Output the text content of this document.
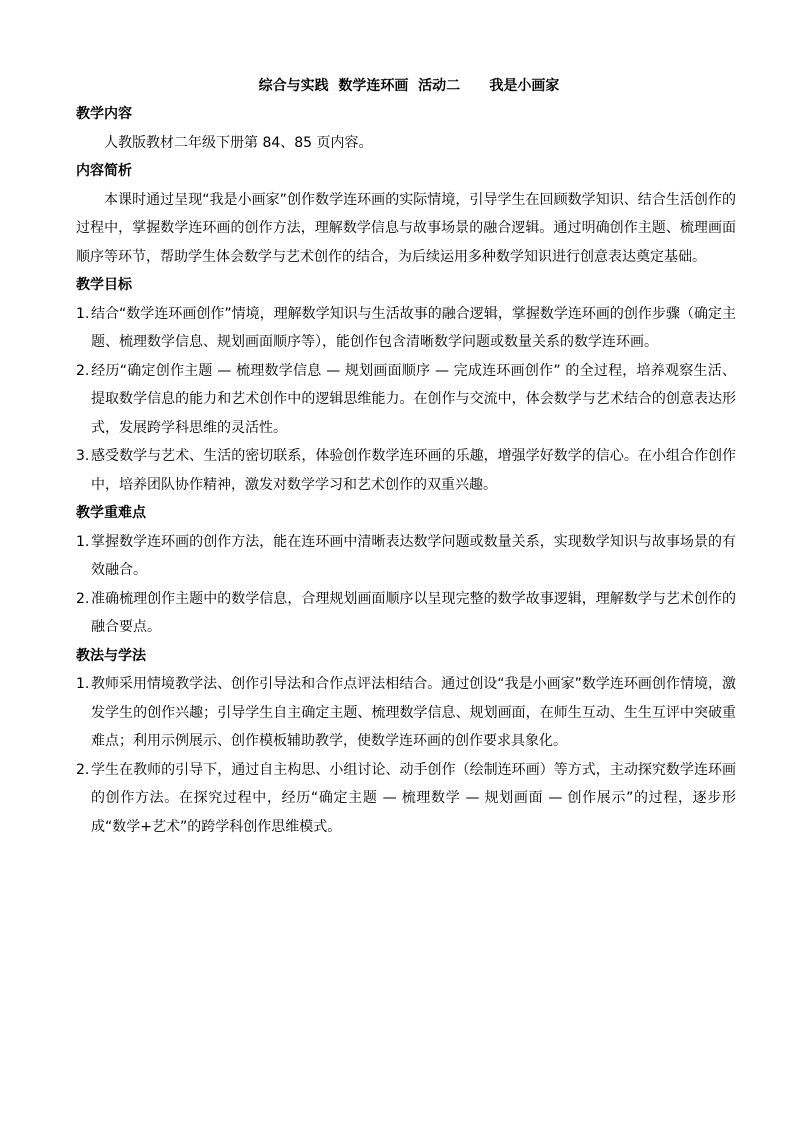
综合与实践  数学连环画  活动二      我是小画家
教学内容

人教版教材二年级下册第 84、85 页内容。

内容简析

本课时通过呈现“我是小画家”创作数学连环画的实际情境，引导学生在回顾数学知识、结合生活创作的过程中，掌握数学连环画的创作方法，理解数学信息与故事场景的融合逻辑。通过明确创作主题、梳理画面顺序等环节，帮助学生体会数学与艺术创作的结合，为后续运用多种数学知识进行创意表达奠定基础。

教学目标

1. 结合“数学连环画创作”情境，理解数学知识与生活故事的融合逻辑，掌握数学连环画的创作步骤（确定主题、梳理数学信息、规划画面顺序等），能创作包含清晰数学问题或数量关系的数学连环画。

2. 经历“确定创作主题 — 梳理数学信息 — 规划画面顺序 — 完成连环画创作” 的全过程，培养观察生活、提取数学信息的能力和艺术创作中的逻辑思维能力。在创作与交流中，体会数学与艺术结合的创意表达形式，发展跨学科思维的灵活性。

3. 感受数学与艺术、生活的密切联系，体验创作数学连环画的乐趣，增强学好数学的信心。在小组合作创作中，培养团队协作精神，激发对数学学习和艺术创作的双重兴趣。

教学重难点

1. 掌握数学连环画的创作方法，能在连环画中清晰表达数学问题或数量关系，实现数学知识与故事场景的有效融合。

2. 准确梳理创作主题中的数学信息，合理规划画面顺序以呈现完整的数学故事逻辑，理解数学与艺术创作的融合要点。

教法与学法

1. 教师采用情境教学法、创作引导法和合作点评法相结合。通过创设“我是小画家”数学连环画创作情境，激发学生的创作兴趣；引导学生自主确定主题、梳理数学信息、规划画面，在师生互动、生生互评中突破重难点；利用示例展示、创作模板辅助教学，使数学连环画的创作要求具象化。

2. 学生在教师的引导下，通过自主构思、小组讨论、动手创作（绘制连环画）等方式，主动探究数学连环画的创作方法。在探究过程中，经历“确定主题 — 梳理数学 — 规划画面 — 创作展示”的过程，逐步形成“数学+艺术”的跨学科创作思维模式。
